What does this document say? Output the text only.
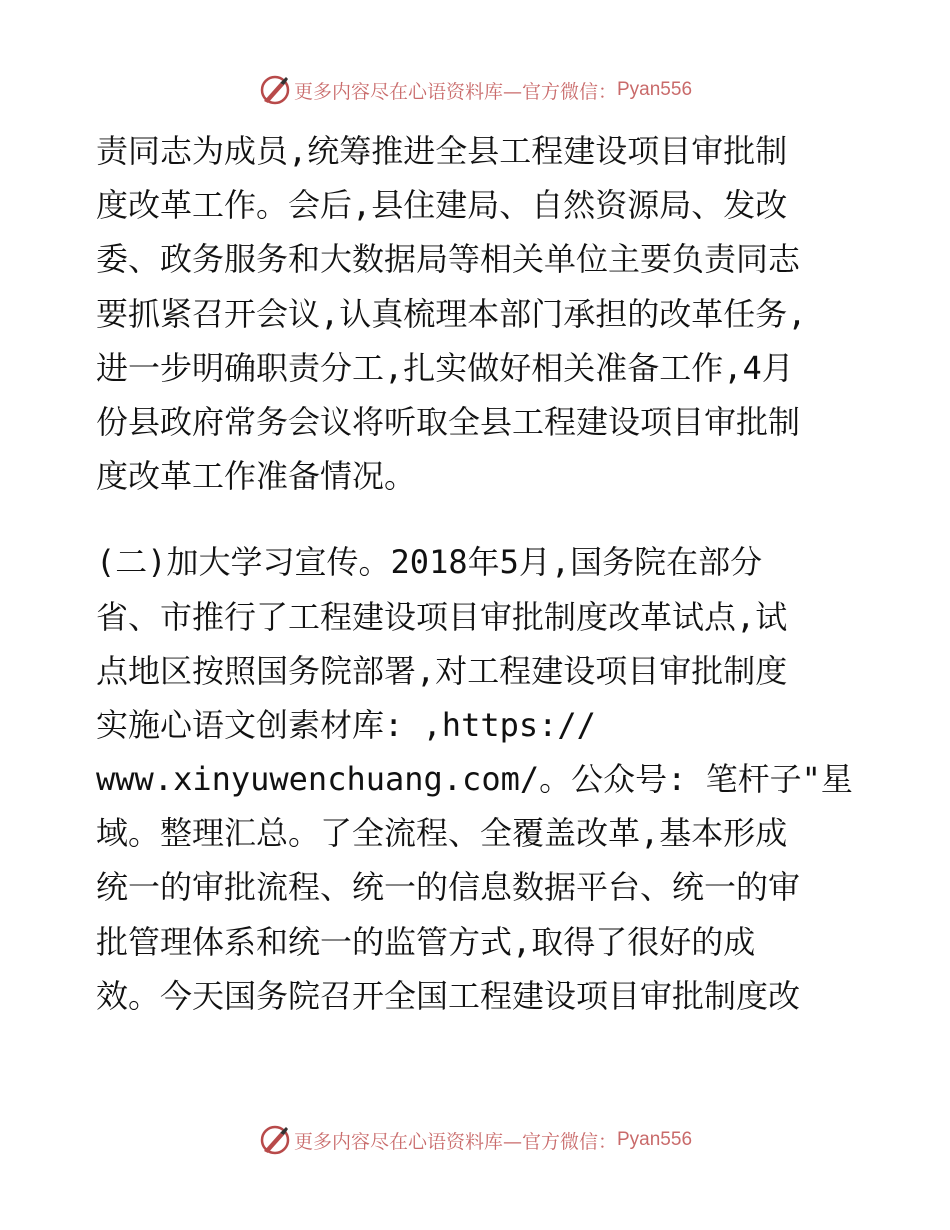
更多内容尽在心语资料库—官方微信： Pyan556
责同志为成员,统筹推进全县工程建设项目审批制
度改革工作。会后,县住建局、自然资源局、发改
委、政务服务和大数据局等相关单位主要负责同志
要抓紧召开会议,认真梳理本部门承担的改革任务,
进一步明确职责分工,扎实做好相关准备工作,4月
份县政府常务会议将听取全县工程建设项目审批制
度改革工作准备情况。
(二)加大学习宣传。2018年5月,国务院在部分
省、市推行了工程建设项目审批制度改革试点,试
点地区按照国务院部署,对工程建设项目审批制度
实施心语文创素材库: ,https://
www.xinyuwenchuang.com/。公众号: 笔杆子"星
域。整理汇总。了全流程、全覆盖改革,基本形成
统一的审批流程、统一的信息数据平台、统一的审
批管理体系和统一的监管方式,取得了很好的成
效。今天国务院召开全国工程建设项目审批制度改
更多内容尽在心语资料库—官方微信： Pyan556
